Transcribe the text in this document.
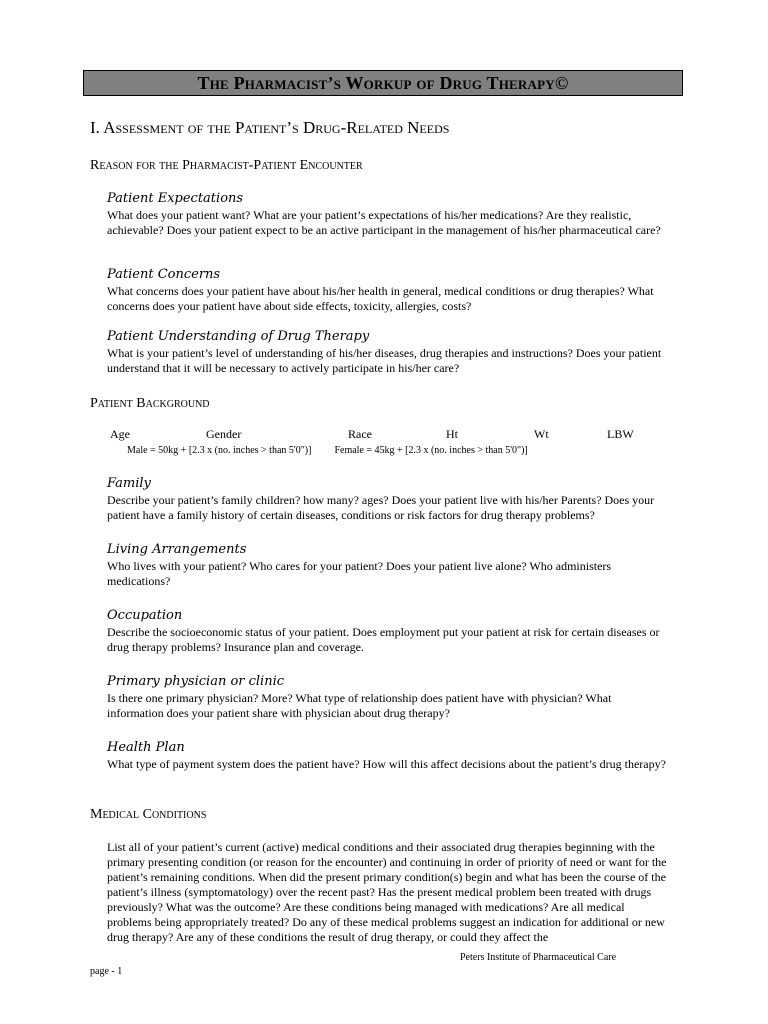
The Pharmacist’s Workup of Drug Therapy©
I. Assessment of the Patient’s Drug-Related Needs
Reason for the Pharmacist-Patient Encounter
Patient Expectations
What does your patient want? What are your patient’s expectations of his/her medications? Are they realistic, achievable? Does your patient expect to be an active participant in the management of his/her pharmaceutical care?
Patient Concerns
What concerns does your patient have about his/her health in general, medical conditions or drug therapies? What concerns does your patient have about side effects, toxicity, allergies, costs?
Patient Understanding of Drug Therapy
What is your patient’s level of understanding of his/her diseases, drug therapies and instructions? Does your patient understand that it will be necessary to actively participate in his/her care?
Patient Background
Age	Gender	Race	Ht	Wt	LBW
Male = 50kg + [2.3 x (no. inches > than 5'0")] Female = 45kg + [2.3 x (no. inches > than 5'0")]
Family
Describe your patient’s family children? how many? ages? Does your patient live with his/her Parents? Does your patient have a family history of certain diseases, conditions or risk factors for drug therapy problems?
Living Arrangements
Who lives with your patient? Who cares for your patient? Does your patient live alone? Who administers medications?
Occupation
Describe the socioeconomic status of your patient. Does employment put your patient at risk for certain diseases or drug therapy problems? Insurance plan and coverage.
Primary physician or clinic
Is there one primary physician? More? What type of relationship does patient have with physician? What information does your patient share with physician about drug therapy?
Health Plan
What type of payment system does the patient have? How will this affect decisions about the patient’s drug therapy?
Medical Conditions
List all of your patient’s current (active) medical conditions and their associated drug therapies beginning with the primary presenting condition (or reason for the encounter) and continuing in order of priority of need or want for the patient’s remaining conditions. When did the present primary condition(s) begin and what has been the course of the patient’s illness (symptomatology) over the recent past? Has the present medical problem been treated with drugs previously? What was the outcome? Are these conditions being managed with medications? Are all medical problems being appropriately treated? Do any of these medical problems suggest an indication for additional or new drug therapy? Are any of these conditions the result of drug therapy, or could they affect the
Peters Institute of Pharmaceutical Care
page - 1
